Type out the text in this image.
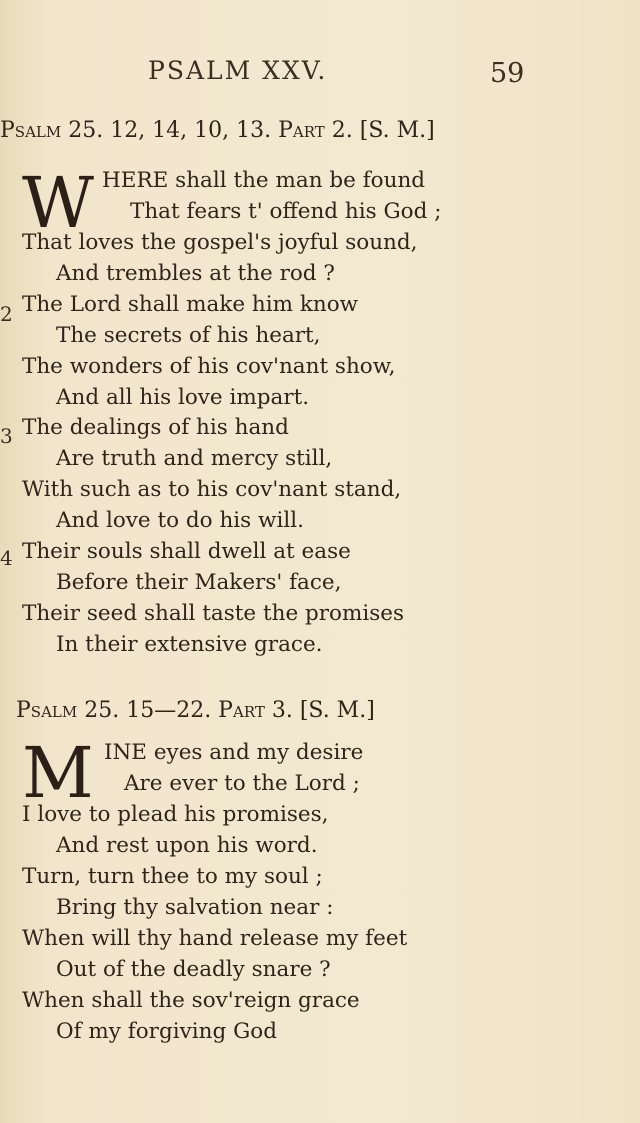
PSALM XXV.	59
Psalm 25. 12, 14, 10, 13. Part 2. [S. M.]
W
2
3
4
HERE shall the man be found
That fears t' offend his God ;
That loves the gospel's joyful sound,
And trembles at the rod ?
The Lord shall make him know
The secrets of his heart,
The wonders of his cov'nant show,
And all his love impart.
The dealings of his hand
Are truth and mercy still,
With such as to his cov'nant stand,
And love to do his will.
Their souls shall dwell at ease
Before their Makers' face,
Their seed shall taste the promises
In their extensive grace.
Psalm 25. 15—22. Part 3. [S. M.]
M INE eyes and my desire
Are ever to the Lord ;
I love to plead his promises,
And rest upon his word.
Turn, turn thee to my soul ;
Bring thy salvation near :
When will thy hand release my feet
Out of the deadly snare ?
When shall the sov'reign grace
Of my forgiving God
